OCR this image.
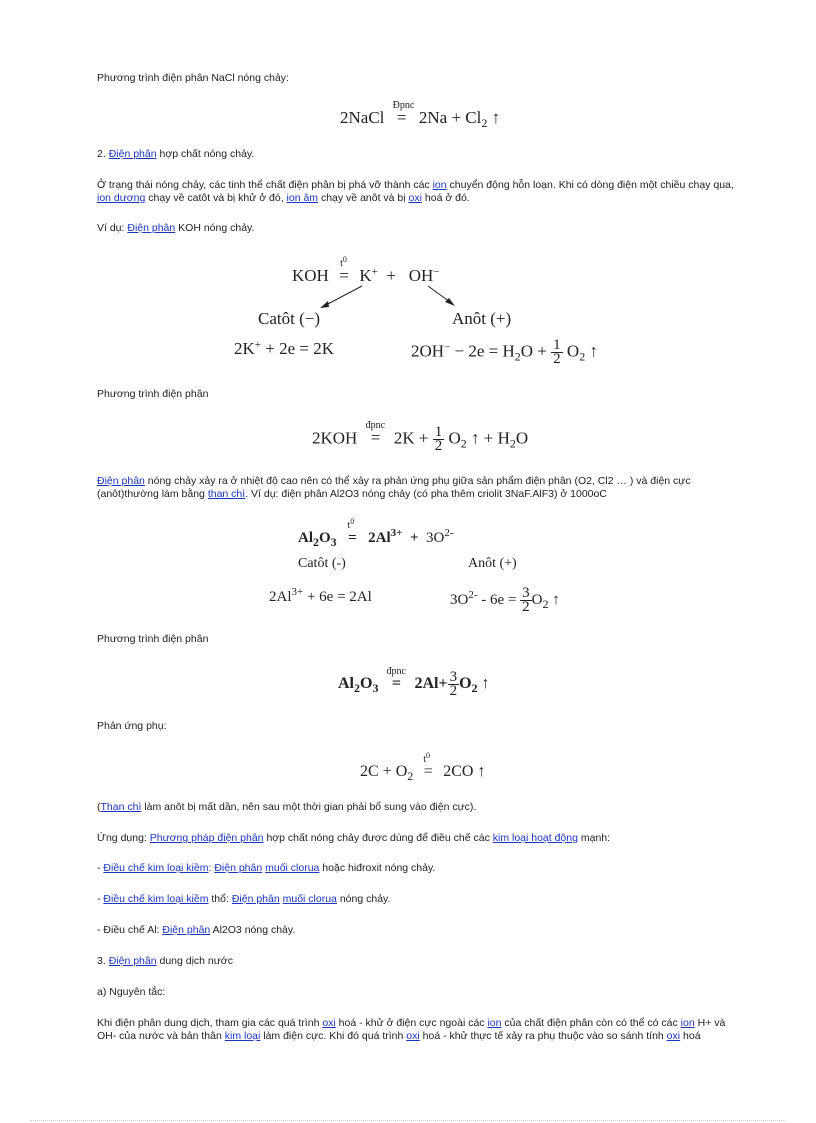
Phương trình điện phân NaCl nóng chảy:

2NaCl
Đpnc
= $2Na + Cl_2$ ↑

2. Điện phân hợp chất nóng chảy.

Ở trạng thái nóng chảy, các tinh thể chất điện phân bị phá vỡ thành các ion chuyển động hỗn loạn. Khi có dòng điện một chiều chạy qua, ion dương chạy về catôt và bị khử ở đó, ion âm chạy về anôt và bị oxi hoá ở đó.

Ví dụ: Điện phân KOH nóng chảy.

KOH
$t^0$
= K+ + OH−
Catôt (−)	Anôt (+)
2K+ + 2e = 2K	$2OH^- - 2e = H_2O + \frac{1}{2} O_2$ ↑

Phương trình điện phân

2KOH
đpnc
= $2K + \frac{1}{2} O_2$ ↑ + $H_2O$

Điện phân nóng chảy xảy ra ở nhiệt độ cao nên có thể xảy ra phản ứng phụ giữa sản phẩm điện phân (O2, Cl2 … ) và điện cực (anôt)thường làm bằng than chì. Ví dụ: điện phân Al2O3 nóng chảy (có pha thêm criolit 3NaF.AlF3) ở 1000oC

$Al_2O_3$
$t^0$
= $2Al^{3+} + 3O^{2-}$
Catôt (-)	Anôt (+)
$2Al^{3+} + 6e = 2Al$	$3O^{2-} - 6e = \frac{3}{2} O_2$ ↑

Phương trình điện phân

$Al_2O_3$
đpnc
= $2Al+ \frac{3}{2} O_2$ ↑

Phản ứng phụ:

$2C + O_2$
$t^0$
= 2CO ↑

(Than chì làm anôt bị mất dần, nên sau một thời gian phải bổ sung vào điện cực).

Ứng dụng: Phương pháp điện phân hợp chất nóng chảy được dùng để điều chế các kim loại hoạt động mạnh:

- Điều chế kim loại kiềm: Điện phân muối clorua hoặc hiđroxit nóng chảy.

- Điều chế kim loại kiềm thổ: Điện phân muối clorua nóng chảy.

- Điều chế Al: Điện phân Al2O3 nóng chảy.

3. Điện phân dung dịch nước

a) Nguyên tắc:

Khi điện phân dung dịch, tham gia các quá trình oxi hoá - khử ở điện cực ngoài các ion của chất điện phân còn có thể có các ion H+ và OH- của nước và bản thân kim loại làm điện cực. Khi đó quá trình oxi hoá - khử thực tế xảy ra phụ thuộc vào so sánh tính oxi hoá
